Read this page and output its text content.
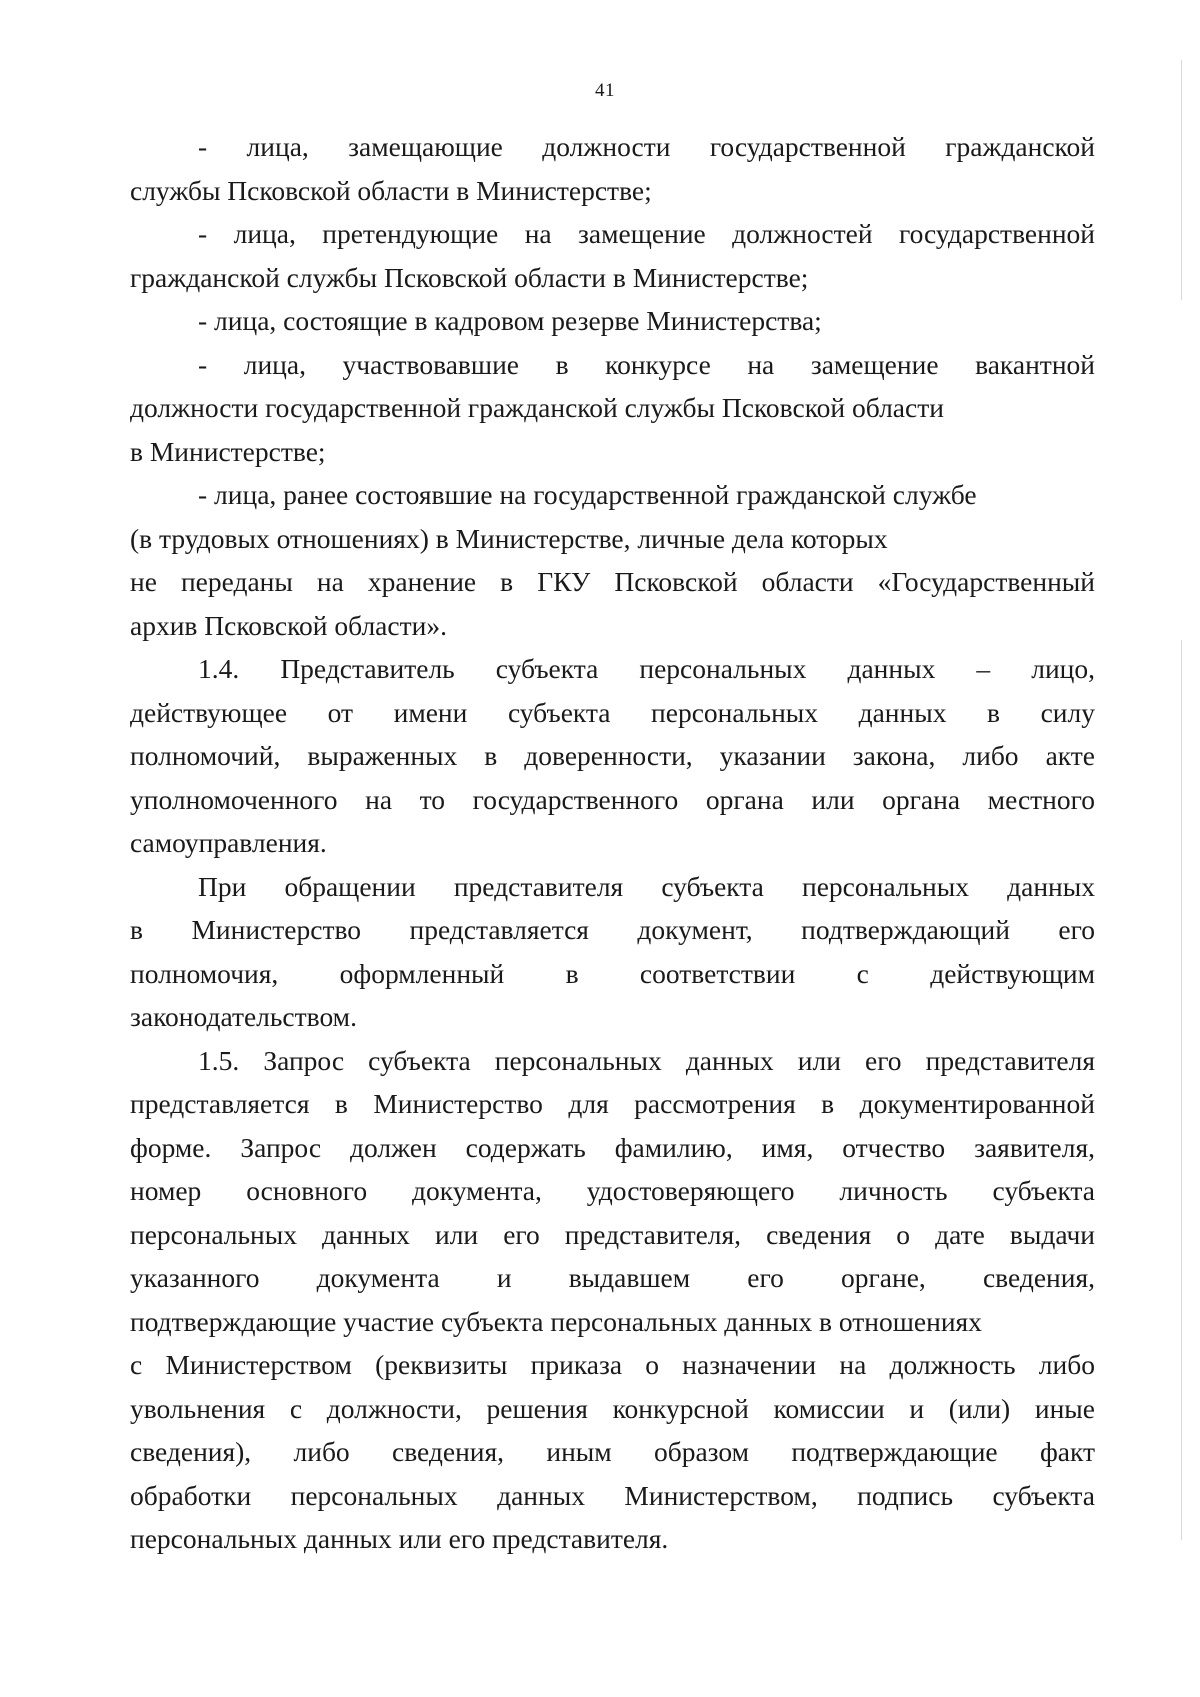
41
- лица, замещающие должности государственной гражданской
службы Псковской области в Министерстве;
- лица, претендующие на замещение должностей государственной
гражданской службы Псковской области в Министерстве;
- лица, состоящие в кадровом резерве Министерства;
- лица, участвовавшие в конкурсе на замещение вакантной
должности государственной гражданской службы Псковской области
в Министерстве;
- лица, ранее состоявшие на государственной гражданской службе
(в трудовых отношениях) в Министерстве, личные дела которых
не переданы на хранение в ГКУ Псковской области «Государственный
архив Псковской области».
1.4. Представитель субъекта персональных данных – лицо,
действующее от имени субъекта персональных данных в силу
полномочий, выраженных в доверенности, указании закона, либо акте
уполномоченного на то государственного органа или органа местного
самоуправления.
При обращении представителя субъекта персональных данных
в Министерство представляется документ, подтверждающий его
полномочия, оформленный в соответствии с действующим
законодательством.
1.5. Запрос субъекта персональных данных или его представителя
представляется в Министерство для рассмотрения в документированной
форме. Запрос должен содержать фамилию, имя, отчество заявителя,
номер основного документа, удостоверяющего личность субъекта
персональных данных или его представителя, сведения о дате выдачи
указанного документа и выдавшем его органе, сведения,
подтверждающие участие субъекта персональных данных в отношениях
с Министерством (реквизиты приказа о назначении на должность либо
увольнения с должности, решения конкурсной комиссии и (или) иные
сведения), либо сведения, иным образом подтверждающие факт
обработки персональных данных Министерством, подпись субъекта
персональных данных или его представителя.
